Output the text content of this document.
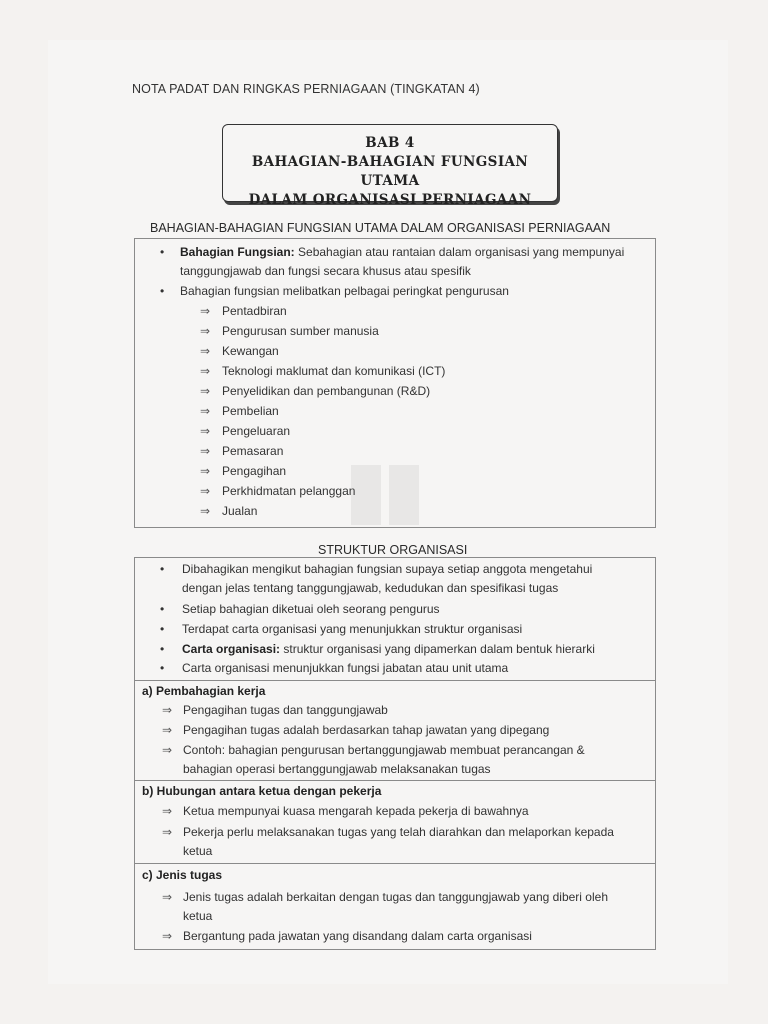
NOTA PADAT DAN RINGKAS PERNIAGAAN (TINGKATAN 4)
BAB 4
BAHAGIAN-BAHAGIAN FUNGSIAN UTAMA
DALAM ORGANISASI PERNIAGAAN
BAHAGIAN-BAHAGIAN FUNGSIAN UTAMA DALAM ORGANISASI PERNIAGAAN
• Bahagian Fungsian: Sebahagian atau rantaian dalam organisasi yang mempunyai
tanggungjawab dan fungsi secara khusus atau spesifik
• Bahagian fungsian melibatkan pelbagai peringkat pengurusan
⇒ Pentadbiran
⇒ Pengurusan sumber manusia
⇒ Kewangan
⇒ Teknologi maklumat dan komunikasi (ICT)
⇒ Penyelidikan dan pembangunan (R&D)
⇒ Pembelian
⇒ Pengeluaran
⇒ Pemasaran
⇒ Pengagihan
⇒ Perkhidmatan pelanggan
⇒ Jualan
STRUKTUR ORGANISASI
• Dibahagikan mengikut bahagian fungsian supaya setiap anggota mengetahui
dengan jelas tentang tanggungjawab, kedudukan dan spesifikasi tugas
• Setiap bahagian diketuai oleh seorang pengurus
• Terdapat carta organisasi yang menunjukkan struktur organisasi
• Carta organisasi: struktur organisasi yang dipamerkan dalam bentuk hierarki
• Carta organisasi menunjukkan fungsi jabatan atau unit utama
a) Pembahagian kerja
⇒ Pengagihan tugas dan tanggungjawab
⇒ Pengagihan tugas adalah berdasarkan tahap jawatan yang dipegang
⇒ Contoh: bahagian pengurusan bertanggungjawab membuat perancangan &
bahagian operasi bertanggungjawab melaksanakan tugas
b) Hubungan antara ketua dengan pekerja
⇒ Ketua mempunyai kuasa mengarah kepada pekerja di bawahnya
⇒ Pekerja perlu melaksanakan tugas yang telah diarahkan dan melaporkan kepada
ketua
c) Jenis tugas
⇒ Jenis tugas adalah berkaitan dengan tugas dan tanggungjawab yang diberi oleh
ketua
⇒ Bergantung pada jawatan yang disandang dalam carta organisasi
